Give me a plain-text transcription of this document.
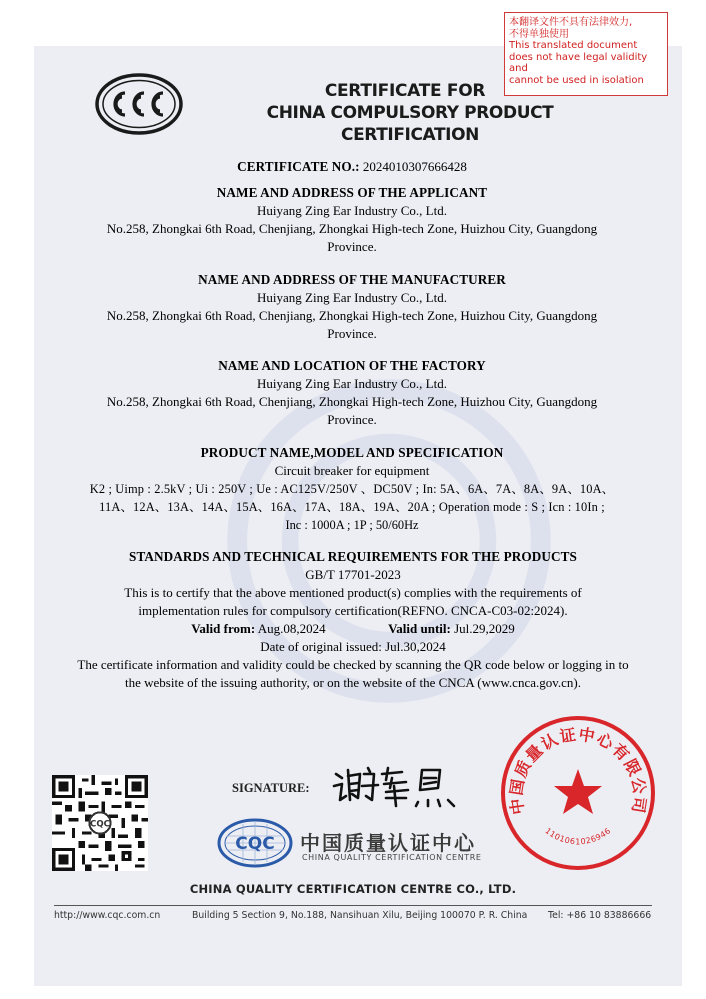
本翻译文件不具有法律效力,
不得单独使用
This translated document
does not have legal validity and
cannot be used in isolation
CERTIFICATE FOR
CHINA COMPULSORY PRODUCT CERTIFICATION

CERTIFICATE NO.: 2024010307666428

NAME AND ADDRESS OF THE APPLICANT

Huiyang Zing Ear Industry Co., Ltd.

No.258, Zhongkai 6th Road, Chenjiang, Zhongkai High-tech Zone, Huizhou City, Guangdong

Province.

NAME AND ADDRESS OF THE MANUFACTURER

Huiyang Zing Ear Industry Co., Ltd.

No.258, Zhongkai 6th Road, Chenjiang, Zhongkai High-tech Zone, Huizhou City, Guangdong

Province.

NAME AND LOCATION OF THE FACTORY

Huiyang Zing Ear Industry Co., Ltd.

No.258, Zhongkai 6th Road, Chenjiang, Zhongkai High-tech Zone, Huizhou City, Guangdong

Province.

PRODUCT NAME,MODEL AND SPECIFICATION

Circuit breaker for equipment

K2 ; Uimp : 2.5kV ; Ui : 250V ; Ue : AC125V/250V 、DC50V ; In: 5A、6A、7A、8A、9A、10A、

11A、12A、13A、14A、15A、16A、17A、18A、19A、20A ; Operation mode : S ; Icn : 10In ;

Inc : 1000A ; 1P ; 50/60Hz

STANDARDS AND TECHNICAL REQUIREMENTS FOR THE PRODUCTS

GB/T 17701-2023

This is to certify that the above mentioned product(s) complies with the requirements of

implementation rules for compulsory certification(REFNO. CNCA-C03-02:2024).

Valid from: Aug.08,2024	Valid until: Jul.29,2029

Date of original issued: Jul.30,2024

The certificate information and validity could be checked by scanning the QR code below or logging in to

the website of the issuing authority, or on the website of the CNCA (www.cnca.gov.cn).

CQC
SIGNATURE:
CQC 中国质量认证中心
CHINA QUALITY CERTIFICATION CENTRE
CHINA QUALITY CERTIFICATION CENTRE CO., LTD.
中国质量认证中心有限公司
1101061026946
http://www.cqc.com.cn	Building 5 Section 9, No.188, Nansihuan Xilu, Beijing 100070 P. R. China Tel: +86 10 83886666
